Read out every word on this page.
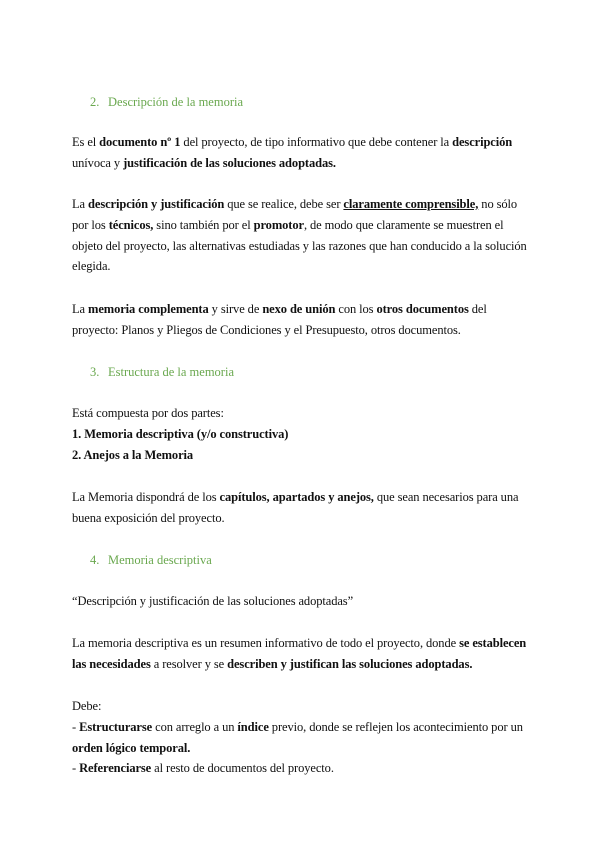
2. Descripción de la memoria
Es el documento nº 1 del proyecto, de tipo informativo que debe contener la descripción unívoca y justificación de las soluciones adoptadas.
La descripción y justificación que se realice, debe ser claramente comprensible, no sólo por los técnicos, sino también por el promotor, de modo que claramente se muestren el objeto del proyecto, las alternativas estudiadas y las razones que han conducido a la solución elegida.
La memoria complementa y sirve de nexo de unión con los otros documentos del proyecto: Planos y Pliegos de Condiciones y el Presupuesto, otros documentos.
3. Estructura de la memoria
Está compuesta por dos partes:
1. Memoria descriptiva (y/o constructiva)
2. Anejos a la Memoria
La Memoria dispondrá de los capítulos, apartados y anejos, que sean necesarios para una buena exposición del proyecto.
4. Memoria descriptiva
“Descripción y justificación de las soluciones adoptadas”
La memoria descriptiva es un resumen informativo de todo el proyecto, donde se establecen las necesidades a resolver y se describen y justifican las soluciones adoptadas.
Debe:
- Estructurarse con arreglo a un índice previo, donde se reflejen los acontecimiento por un orden lógico temporal.
- Referenciarse al resto de documentos del proyecto.
